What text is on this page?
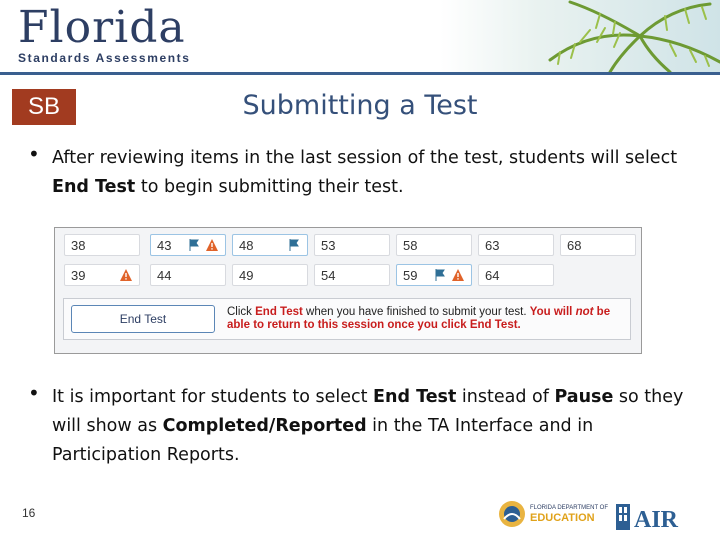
Florida
Standards Assessments
SB	Submitting a Test
• After reviewing items in the last session of the test, students will select End Test to begin submitting their test.
38	43	48	53	58	63	68
39	44	49	54	59	64
End Test	Click End Test when you have finished to submit your test. You will not be able to return to this session once you click End Test.
• It is important for students to select End Test instead of Pause so they will show as Completed/Reported in the TA Interface and in Participation Reports.
16	FLORIDA DEPARTMENT OF
EDUCATION AIR
